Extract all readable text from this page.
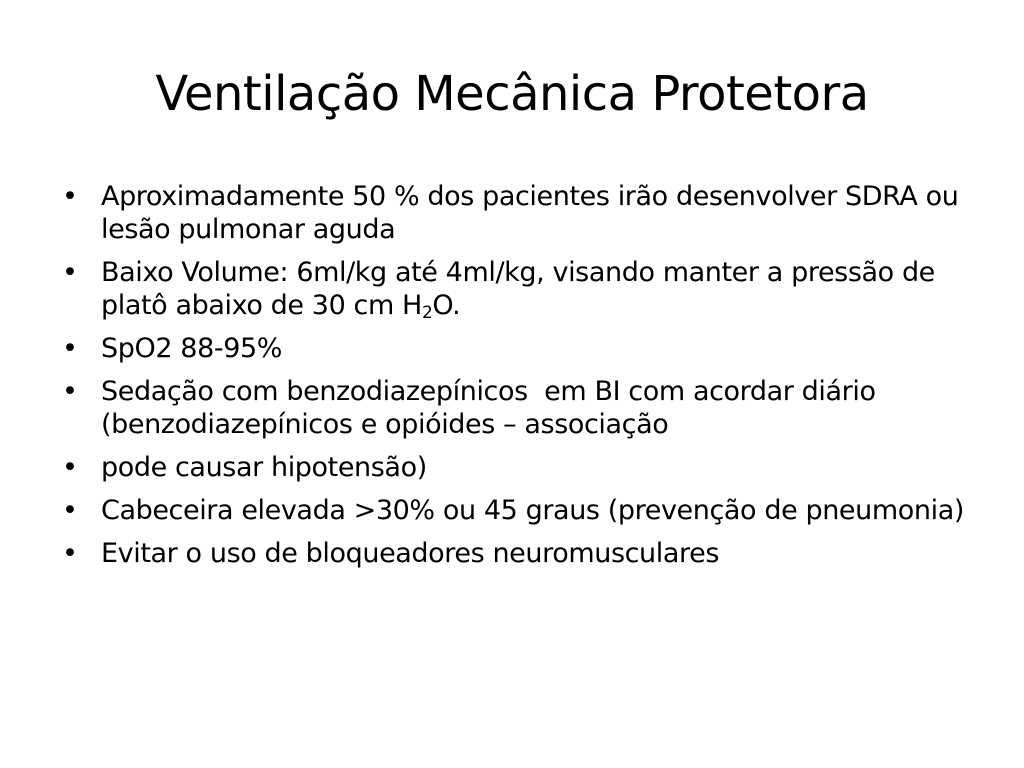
Ventilação Mecânica Protetora
• Aproximadamente 50 % dos pacientes irão desenvolver SDRA ou lesão pulmonar aguda
• Baixo Volume: 6ml/kg até 4ml/kg, visando manter a pressão de platô abaixo de 30 cm $H_2O$.
• SpO2 88-95%
• Sedação com benzodiazepínicos  em BI com acordar diário (benzodiazepínicos e opióides – associação
• pode causar hipotensão)
• Cabeceira elevada >30% ou 45 graus (prevenção de pneumonia)
• Evitar o uso de bloqueadores neuromusculares
